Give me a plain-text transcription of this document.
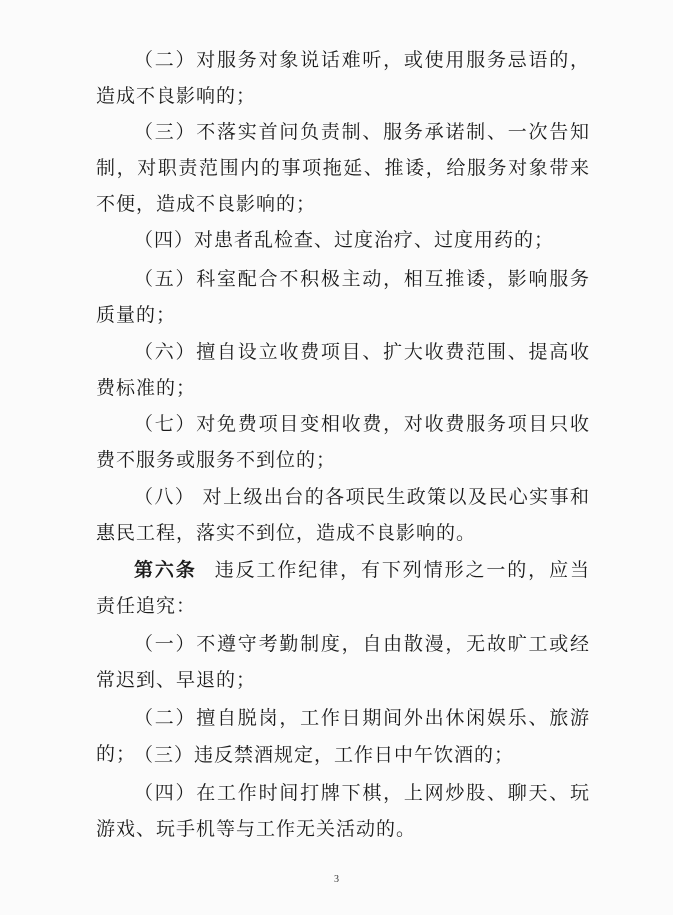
（二）对服务对象说话难听，或使用服务忌语的，造成不良影响的；

（三）不落实首问负责制、服务承诺制、一次告知制，对职责范围内的事项拖延、推诿，给服务对象带来不便，造成不良影响的；

（四）对患者乱检查、过度治疗、过度用药的；

（五）科室配合不积极主动，相互推诿，影响服务质量的；

（六）擅自设立收费项目、扩大收费范围、提高收费标准的；

（七）对免费项目变相收费，对收费服务项目只收费不服务或服务不到位的；

（八） 对上级出台的各项民生政策以及民心实事和惠民工程，落实不到位，造成不良影响的。

第六条 违反工作纪律，有下列情形之一的，应当责任追究：

（一）不遵守考勤制度，自由散漫，无故旷工或经常迟到、早退的；

（二）擅自脱岗，工作日期间外出休闲娱乐、旅游的；

（三）违反禁酒规定，工作日中午饮酒的；

（四）在工作时间打牌下棋，上网炒股、聊天、玩游戏、玩手机等与工作无关活动的。

3
